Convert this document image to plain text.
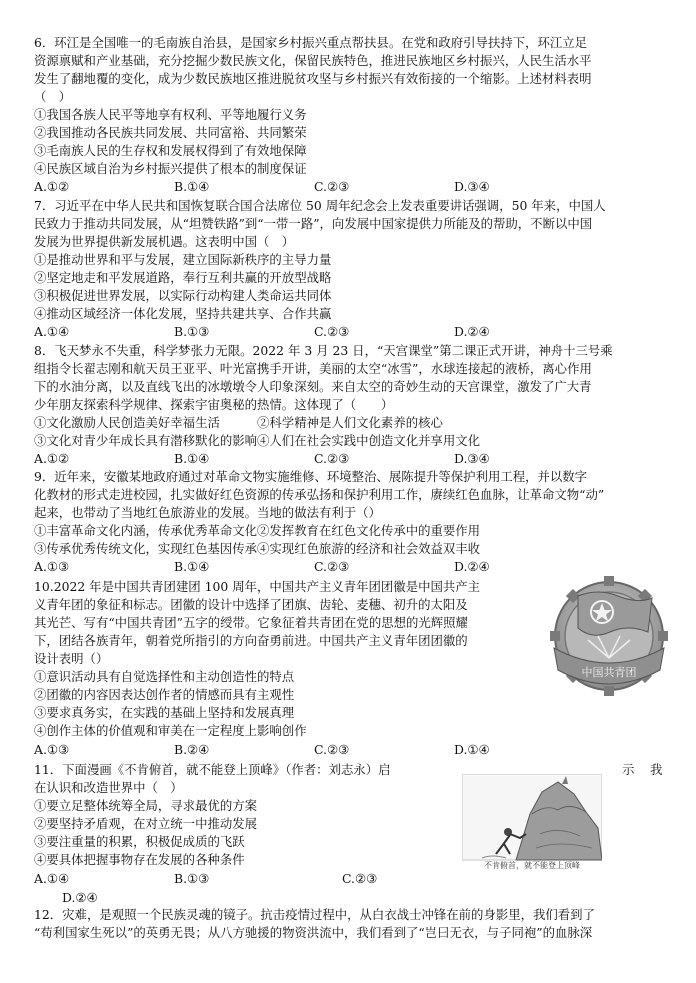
6．环江是全国唯一的毛南族自治县，是国家乡村振兴重点帮扶县。在党和政府引导扶持下，环江立足
资源禀赋和产业基础，充分挖掘少数民族文化，保留民族特色，推进民族地区乡村振兴，人民生活水平
发生了翻地覆的变化，成为少数民族地区推进脱贫攻坚与乡村振兴有效衔接的一个缩影。上述材料表明
（　）
①我国各族人民平等地享有权利、平等地履行义务
②我国推动各民族共同发展、共同富裕、共同繁荣
③毛南族人民的生存权和发展权得到了有效地保障
④民族区域自治为乡村振兴提供了根本的制度保证
A.①②	B.①④	C.②③	D.③④
7．习近平在中华人民共和国恢复联合国合法席位 50 周年纪念会上发表重要讲话强调，50 年来，中国人
民致力于推动共同发展，从“坦赞铁路”到“一带一路”，向发展中国家提供力所能及的帮助，不断以中国
发展为世界提供新发展机遇。这表明中国（　）
①是推动世界和平与发展，建立国际新秩序的主导力量
②坚定地走和平发展道路，奉行互利共赢的开放型战略
③积极促进世界发展，以实际行动构建人类命运共同体
④推动区域经济一体化发展，坚持共建共享、合作共赢
A.①④	B.①③	C.②③	D.②④
8．飞天梦永不失重，科学梦张力无限。2022 年 3 月 23 日，“天宫课堂”第二课正式开讲，神舟十三号乘
组指令长翟志刚和航天员王亚平、叶光富携手开讲，美丽的太空“冰雪”，水球连接起的液桥，离心作用
下的水油分离，以及直线飞出的冰墩墩令人印象深刻。来自太空的奇妙生动的天宫课堂，激发了广大青
少年朋友探索科学规律、探索宇宙奥秘的热情。这体现了（　　）
①文化激励人民创造美好幸福生活　　　②科学精神是人们文化素养的核心
③文化对青少年成长具有潜移默化的影响④人们在社会实践中创造文化并享用文化
A.①②	B.①④	C.②③	D.③④
9．近年来，安徽某地政府通过对革命文物实施维修、环境整治、展陈提升等保护利用工程，并以数字
化教材的形式走进校园，扎实做好红色资源的传承弘扬和保护利用工作，赓续红色血脉，让革命文物“动”
起来，也带动了当地红色旅游业的发展。当地的做法有利于（）
①丰富革命文化内涵，传承优秀革命文化②发挥教育在红色文化传承中的重要作用
③传承优秀传统文化，实现红色基因传承④实现红色旅游的经济和社会效益双丰收
A.①③	B.①④	C.②③	D.②④
10.2022 年是中国共青团建团 100 周年，中国共产主义青年团团徽是中国共产主
义青年团的象征和标志。团徽的设计中选择了团旗、齿轮、麦穗、初升的太阳及
其光芒、写有“中国共青团”五字的绶带。它象征着共青团在党的思想的光辉照耀
下，团结各族青年，朝着党所指引的方向奋勇前进。中国共产主义青年团团徽的
设计表明（）
①意识活动具有自觉选择性和主动创造性的特点
②团徽的内容因表达创作者的情感而具有主观性
③要求真务实，在实践的基础上坚持和发展真理
④创作主体的价值观和审美在一定程度上影响创作
A.①③	B.②④	C.②③	D.①④
中国共青团
11．下面漫画《不肯俯首，就不能登上顶峰》（作者：刘志永）启	示 我
在认识和改造世界中（　）
①要立足整体统筹全局，寻求最优的方案
②要坚持矛盾观，在对立统一中推动发展
③要注重量的积累，积极促成质的飞跃
④要具体把握事物存在发展的各种条件
A.①④	B.①③	C.②③
D.②④
不肯俯首，就不能登上顶峰
12．灾难，是观照一个民族灵魂的镜子。抗击疫情过程中，从白衣战士冲锋在前的身影里，我们看到了
“苟利国家生死以”的英勇无畏；从八方驰援的物资洪流中，我们看到了“岂曰无衣，与子同袍”的血脉深
